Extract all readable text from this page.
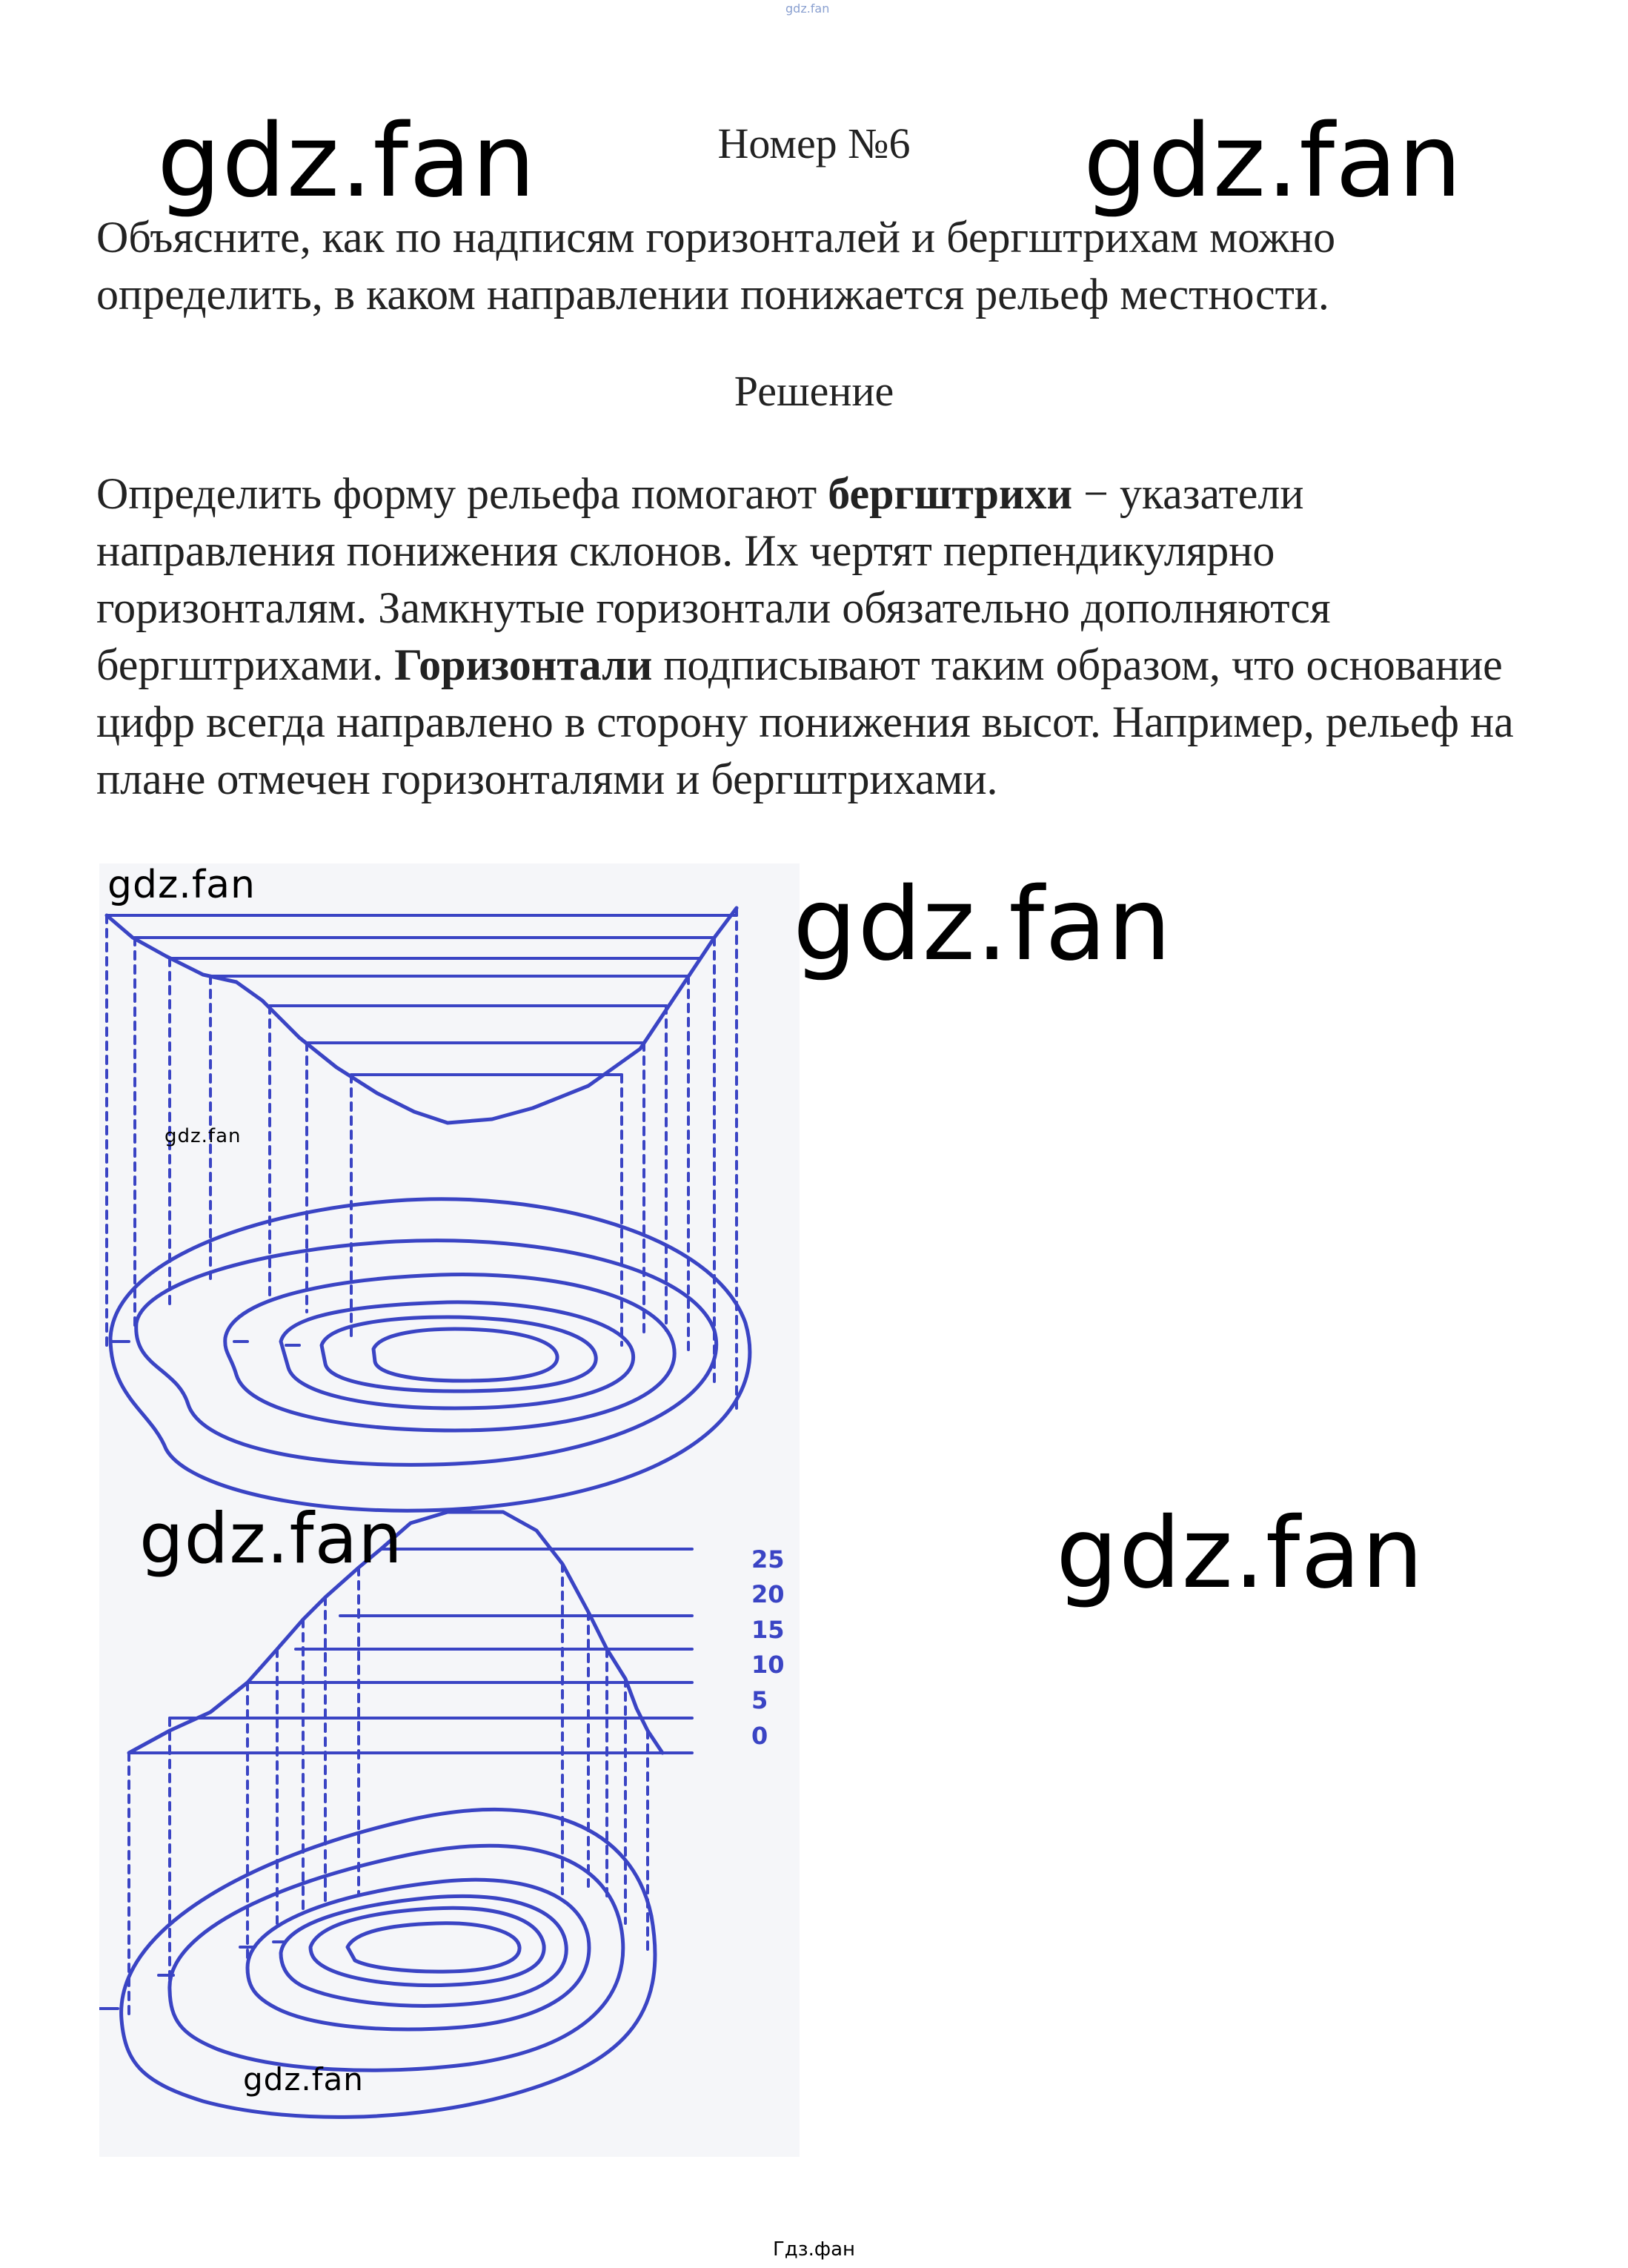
gdz.fan
gdz.fan	Номер №6	gdz.fan
Объясните, как по надписям горизонталей и бергштрихам можно определить, в каком направлении понижается рельеф местности.
Решение
Определить форму рельефа помогают бергштрихи − указатели направления понижения склонов. Их чертят перпендикулярно горизонталям. Замкнутые горизонтали обязательно дополняются бергштрихами. Горизонтали подписывают таким образом, что основание цифр всегда направлено в сторону понижения высот. Например, рельеф на плане отмечен горизонталями и бергштрихами.
25
20
15
10
5
0
gdz.fan	gdz.fan
gdz.fan
gdz.fan
gdz.fan
gdz.fan
Гдз.фан
